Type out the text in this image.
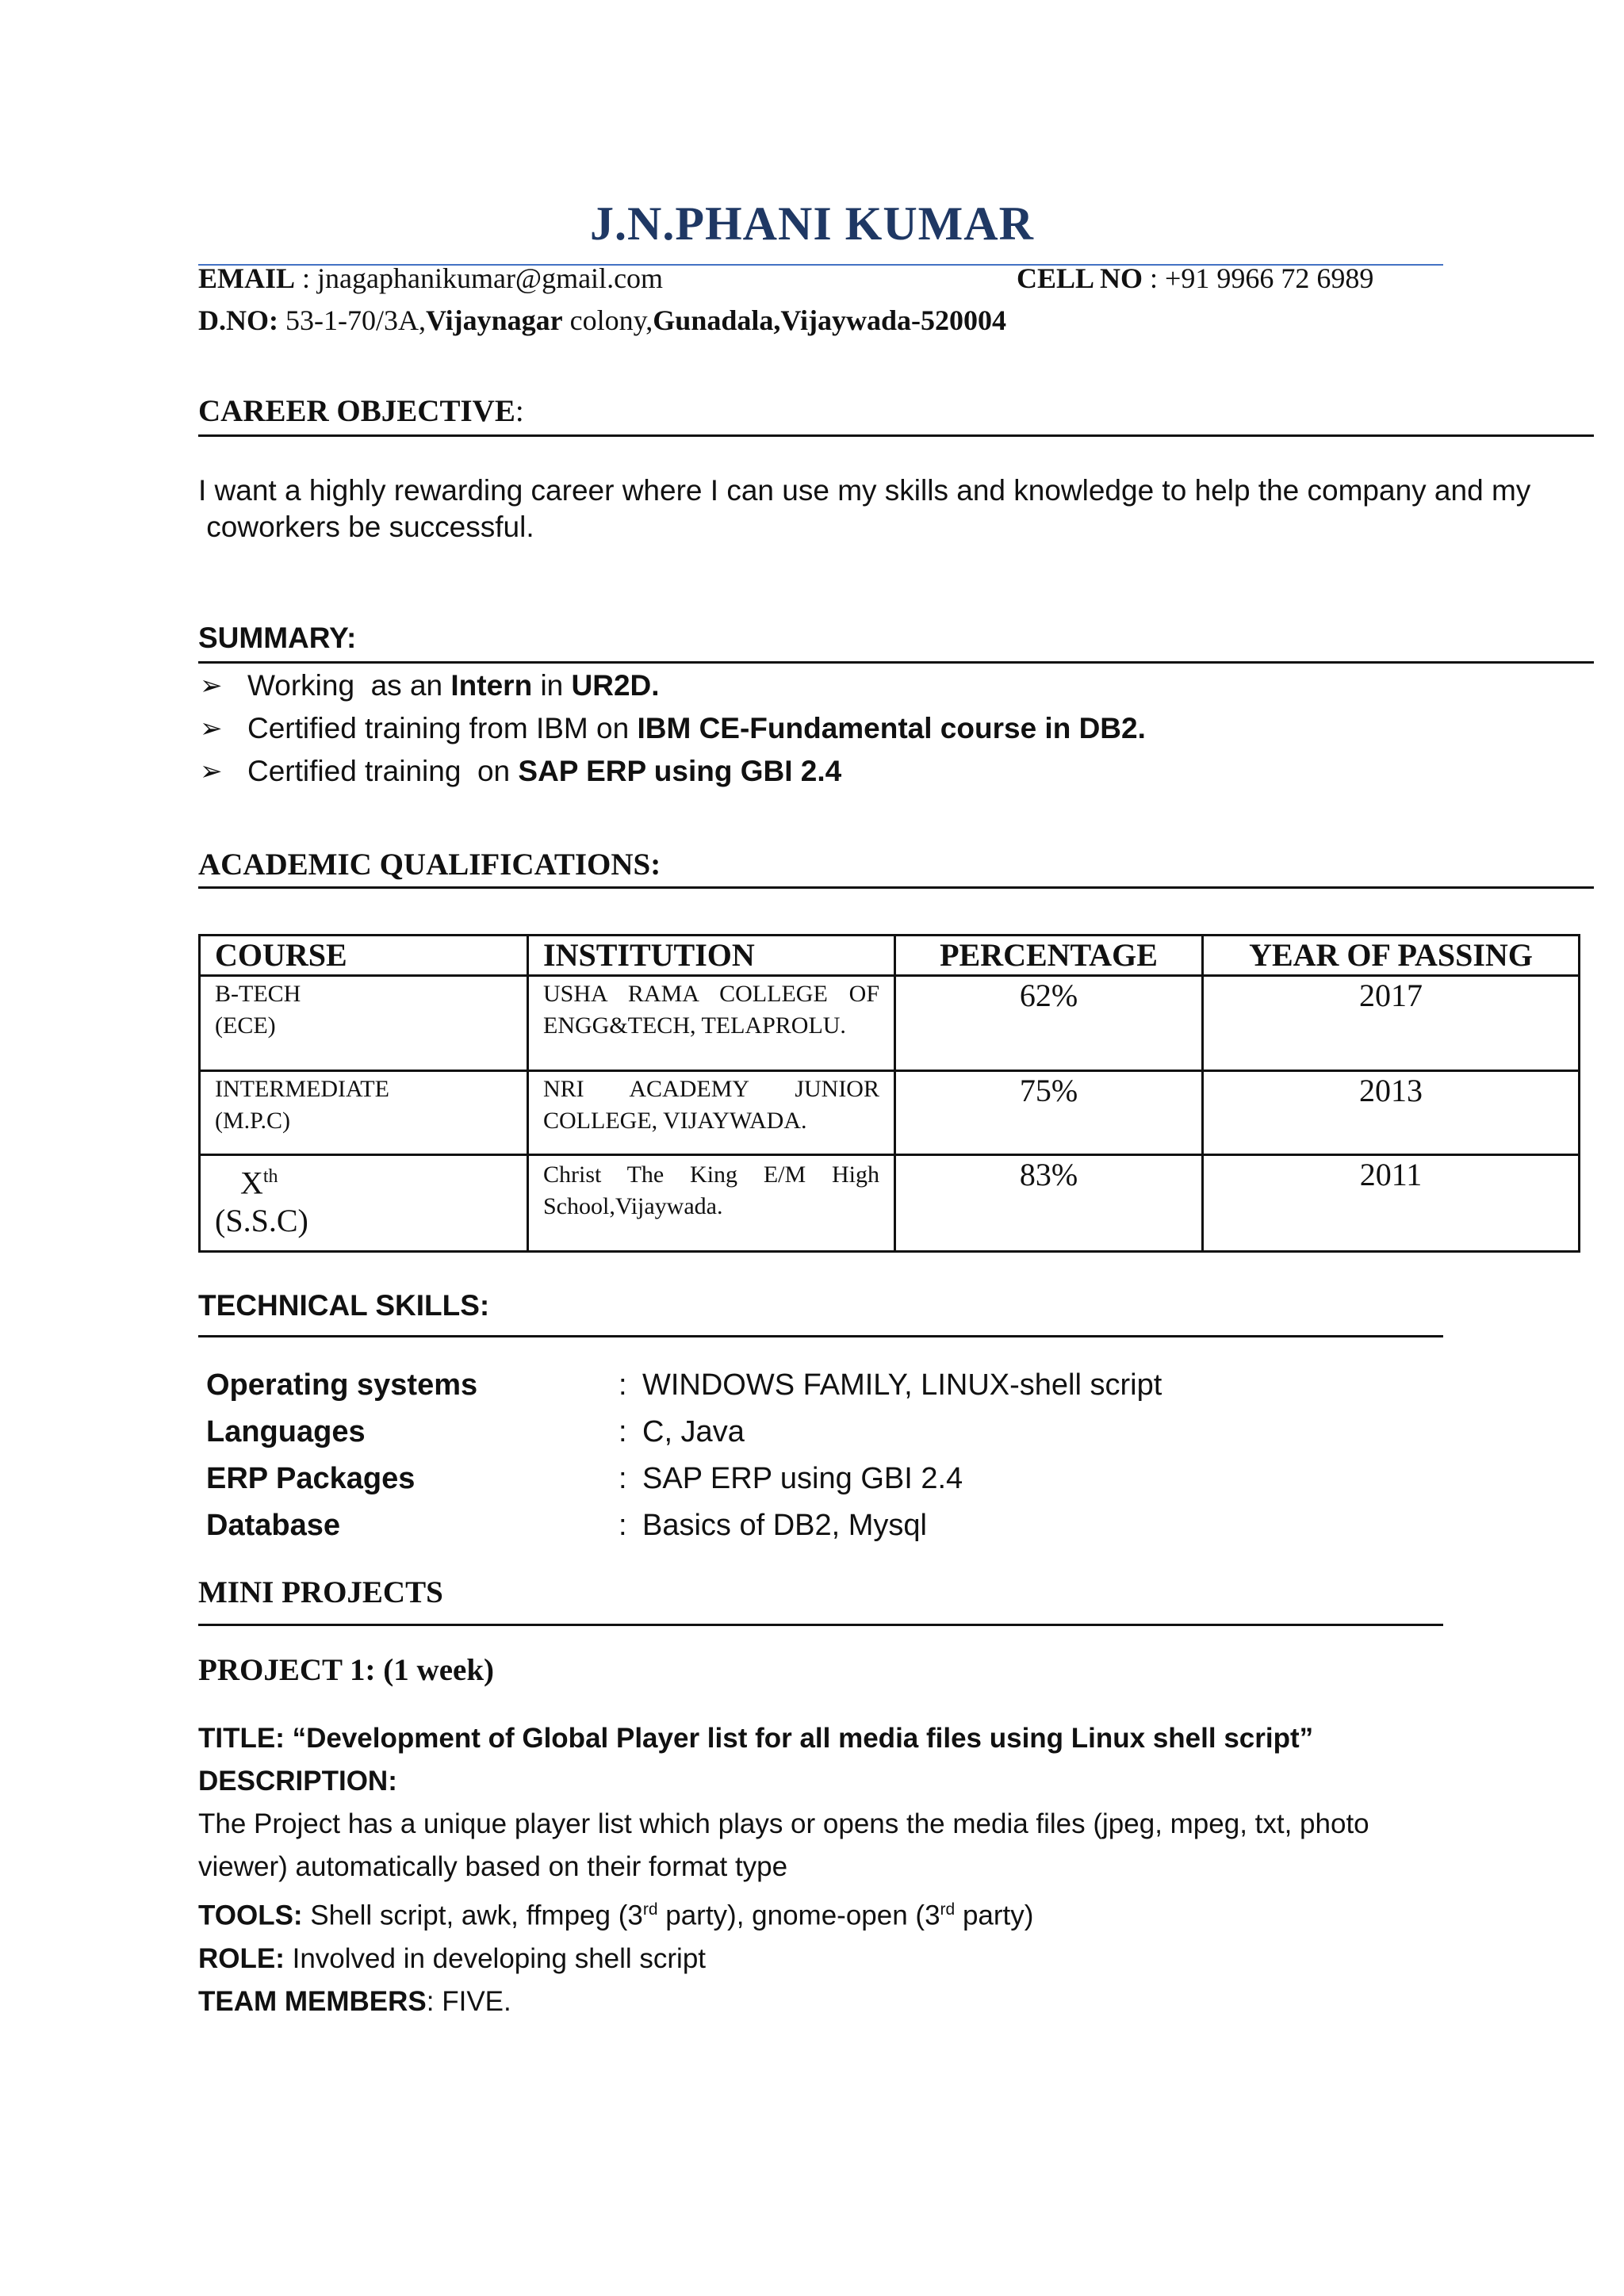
J.N.PHANI KUMAR
EMAIL : jnagaphanikumar@gmail.com	CELL NO : +91 9966 72 6989
D.NO: 53-1-70/3A,Vijaynagar colony,Gunadala,Vijaywada-520004
CAREER OBJECTIVE:
I want a highly rewarding career where I can use my skills and knowledge to help the company and my
coworkers be successful.
SUMMARY:
➢ Working  as an Intern in UR2D.
➢ Certified training from IBM on IBM CE-Fundamental course in DB2.
➢ Certified training  on SAP ERP using GBI 2.4
ACADEMIC QUALIFICATIONS:
COURSE	INSTITUTION	PERCENTAGE	YEAR OF PASSING

B-TECH
(ECE)	USHA RAMA COLLEGE OF ENGG&TECH, TELAPROLU.	62%	2017

INTERMEDIATE
(M.P.C)	NRI ACADEMY JUNIOR COLLEGE, VIJAYWADA.	75%	2013

Xth
(S.S.C)	Christ The King E/M High School,Vijaywada.	83%	2011
TECHNICAL SKILLS:
Operating systems	: WINDOWS FAMILY, LINUX-shell script
Languages	: C, Java
ERP Packages	: SAP ERP using GBI 2.4
Database	: Basics of DB2, Mysql
MINI PROJECTS
PROJECT 1: (1 week)
TITLE: “Development of Global Player list for all media files using Linux shell script”
DESCRIPTION:
The Project has a unique player list which plays or opens the media files (jpeg, mpeg, txt, photo
viewer) automatically based on their format type
TOOLS: Shell script, awk, ffmpeg (3rd party), gnome-open (3rd party)
ROLE: Involved in developing shell script
TEAM MEMBERS: FIVE.
